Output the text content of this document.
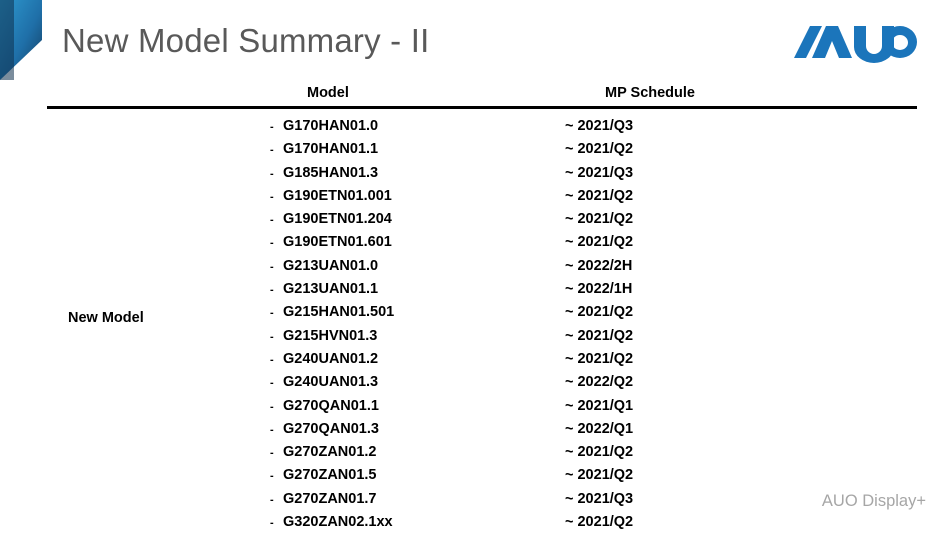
New Model Summary - II
Model	MP Schedule
New Model
- G170HAN01.0	~ 2021/Q3
- G170HAN01.1	~ 2021/Q2
- G185HAN01.3	~ 2021/Q3
- G190ETN01.001	~ 2021/Q2
- G190ETN01.204	~ 2021/Q2
- G190ETN01.601	~ 2021/Q2
- G213UAN01.0	~ 2022/2H
- G213UAN01.1	~ 2022/1H
- G215HAN01.501	~ 2021/Q2
- G215HVN01.3	~ 2021/Q2
- G240UAN01.2	~ 2021/Q2
- G240UAN01.3	~ 2022/Q2
- G270QAN01.1	~ 2021/Q1
- G270QAN01.3	~ 2022/Q1
- G270ZAN01.2	~ 2021/Q2
- G270ZAN01.5	~ 2021/Q2
- G270ZAN01.7	~ 2021/Q3
- G320ZAN02.1xx	~ 2021/Q2
AUO Display+
